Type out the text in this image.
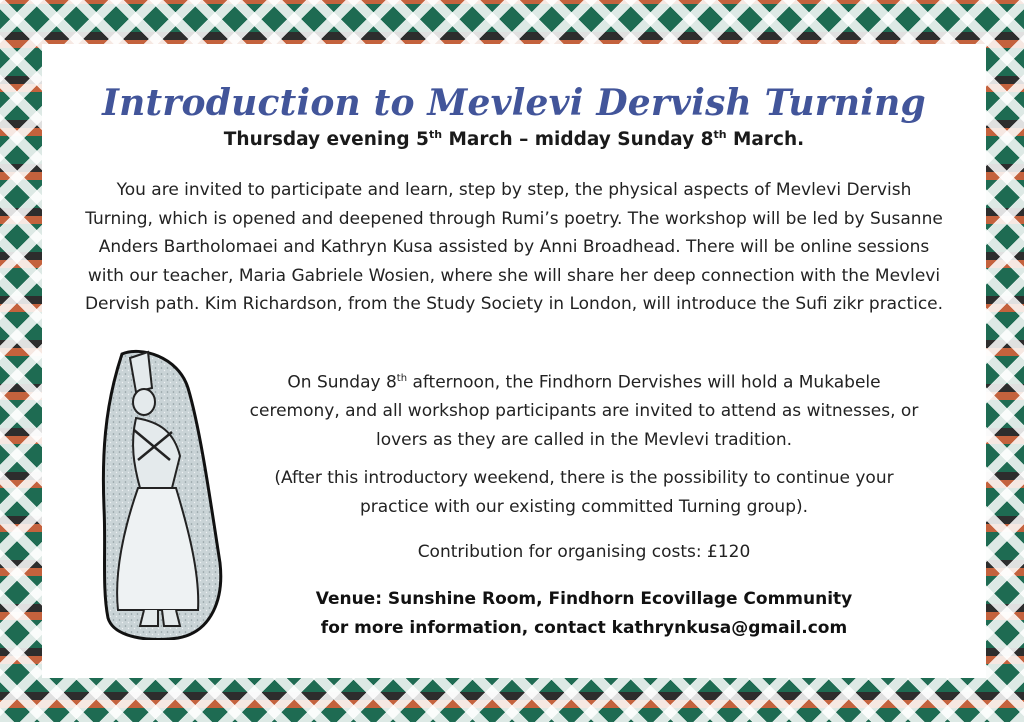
Introduction to Mevlevi Dervish Turning
Thursday evening 5th March – midday Sunday 8th March.
You are invited to participate and learn, step by step, the physical aspects of Mevlevi Dervish Turning, which is opened and deepened through Rumi’s poetry. The workshop will be led by Susanne Anders Bartholomaei and Kathryn Kusa assisted by Anni Broadhead. There will be online sessions with our teacher, Maria Gabriele Wosien, where she will share her deep connection with the Mevlevi Dervish path. Kim Richardson, from the Study Society in London, will introduce the Sufi zikr practice.
On Sunday 8th afternoon, the Findhorn Dervishes will hold a Mukabele ceremony, and all workshop participants are invited to attend as witnesses, or lovers as they are called in the Mevlevi tradition.
(After this introductory weekend, there is the possibility to continue your practice with our existing committed Turning group).
Contribution for organising costs: £120
Venue: Sunshine Room, Findhorn Ecovillage Community
for more information, contact kathrynkusa@gmail.com
